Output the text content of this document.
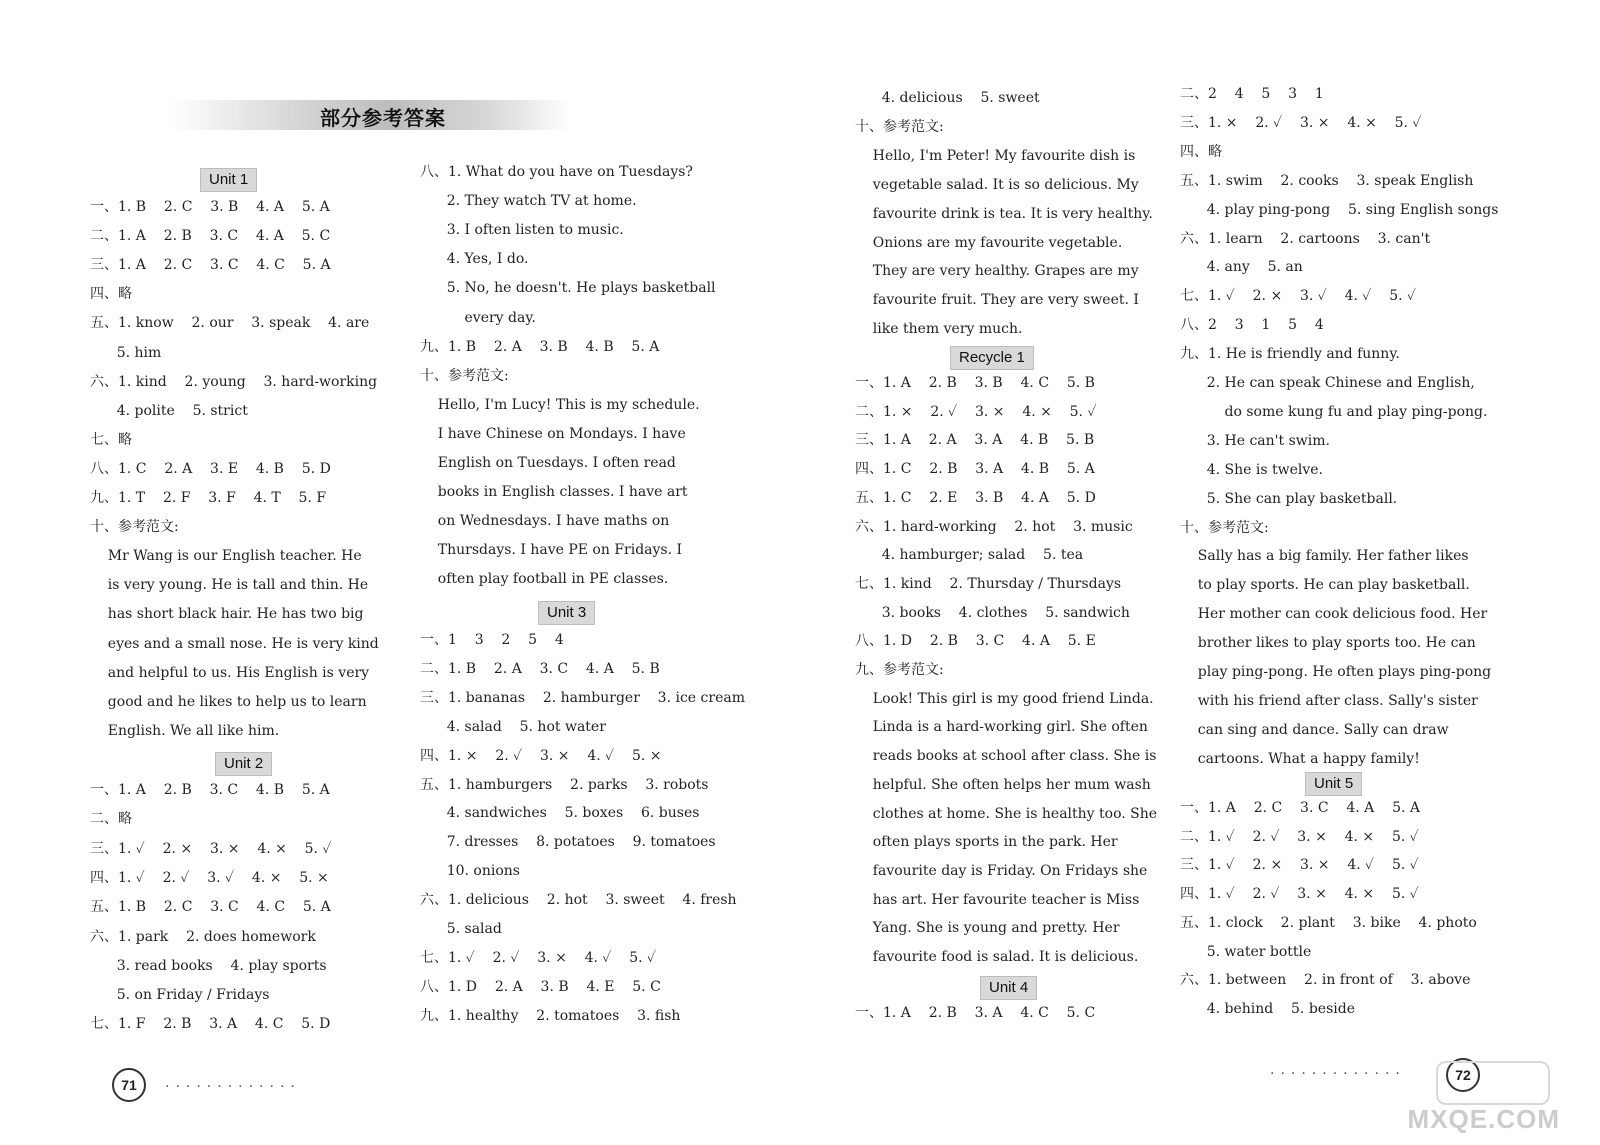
部分参考答案
Unit 1
一、1. B    2. C    3. B    4. A    5. A
二、1. A    2. B    3. C    4. A    5. C
三、1. A    2. C    3. C    4. C    5. A
四、略
五、1. know    2. our    3. speak    4. are
5. him
六、1. kind    2. young    3. hard-working
4. polite    5. strict
七、略
八、1. C    2. A    3. E    4. B    5. D
九、1. T    2. F    3. F    4. T    5. F
十、参考范文:
Mr Wang is our English teacher. He
is very young. He is tall and thin. He
has short black hair. He has two big
eyes and a small nose. He is very kind
and helpful to us. His English is very
good and he likes to help us to learn
English. We all like him.
Unit 2
一、1. A    2. B    3. C    4. B    5. A
二、略
三、1. ✓    2. ×    3. ×    4. ×    5. ✓
四、1. ✓    2. ✓    3. ✓    4. ×    5. ×
五、1. B    2. C    3. C    4. C    5. A
六、1. park    2. does homework
3. read books    4. play sports
5. on Friday / Fridays
七、1. F    2. B    3. A    4. C    5. D
八、1. What do you have on Tuesdays?
2. They watch TV at home.
3. I often listen to music.
4. Yes, I do.
5. No, he doesn't. He plays basketball
every day.
九、1. B    2. A    3. B    4. B    5. A
十、参考范文:
Hello, I'm Lucy! This is my schedule.
I have Chinese on Mondays. I have
English on Tuesdays. I often read
books in English classes. I have art
on Wednesdays. I have maths on
Thursdays. I have PE on Fridays. I
often play football in PE classes.
Unit 3
一、1    3    2    5    4
二、1. B    2. A    3. C    4. A    5. B
三、1. bananas    2. hamburger    3. ice cream
4. salad    5. hot water
四、1. ×    2. ✓    3. ×    4. ✓    5. ×
五、1. hamburgers    2. parks    3. robots
4. sandwiches    5. boxes    6. buses
7. dresses    8. potatoes    9. tomatoes
10. onions
六、1. delicious    2. hot    3. sweet    4. fresh
5. salad
七、1. ✓    2. ✓    3. ×    4. ✓    5. ✓
八、1. D    2. A    3. B    4. E    5. C
九、1. healthy    2. tomatoes    3. fish
4. delicious    5. sweet
十、参考范文:
Hello, I'm Peter! My favourite dish is
vegetable salad. It is so delicious. My
favourite drink is tea. It is very healthy.
Onions are my favourite vegetable.
They are very healthy. Grapes are my
favourite fruit. They are very sweet. I
like them very much.
Recycle 1
一、1. A    2. B    3. B    4. C    5. B
二、1. ×    2. ✓    3. ×    4. ×    5. ✓
三、1. A    2. A    3. A    4. B    5. B
四、1. C    2. B    3. A    4. B    5. A
五、1. C    2. E    3. B    4. A    5. D
六、1. hard-working    2. hot    3. music
4. hamburger; salad    5. tea
七、1. kind    2. Thursday / Thursdays
3. books    4. clothes    5. sandwich
八、1. D    2. B    3. C    4. A    5. E
九、参考范文:
Look! This girl is my good friend Linda.
Linda is a hard-working girl. She often
reads books at school after class. She is
helpful. She often helps her mum wash
clothes at home. She is healthy too. She
often plays sports in the park. Her
favourite day is Friday. On Fridays she
has art. Her favourite teacher is Miss
Yang. She is young and pretty. Her
favourite food is salad. It is delicious.
Unit 4
一、1. A    2. B    3. A    4. C    5. C
二、2    4    5    3    1
三、1. ×    2. ✓    3. ×    4. ×    5. ✓
四、略
五、1. swim    2. cooks    3. speak English
4. play ping-pong    5. sing English songs
六、1. learn    2. cartoons    3. can't
4. any    5. an
七、1. ✓    2. ×    3. ✓    4. ✓    5. ✓
八、2    3    1    5    4
九、1. He is friendly and funny.
2. He can speak Chinese and English,
do some kung fu and play ping-pong.
3. He can't swim.
4. She is twelve.
5. She can play basketball.
十、参考范文:
Sally has a big family. Her father likes
to play sports. He can play basketball.
Her mother can cook delicious food. Her
brother likes to play sports too. He can
play ping-pong. He often plays ping-pong
with his friend after class. Sally's sister
can sing and dance. Sally can draw
cartoons. What a happy family!
Unit 5
一、1. A    2. C    3. C    4. A    5. A
二、1. ✓    2. ✓    3. ×    4. ×    5. ✓
三、1. ✓    2. ×    3. ×    4. ✓    5. ✓
四、1. ✓    2. ✓    3. ×    4. ×    5. ✓
五、1. clock    2. plant    3. bike    4. photo
5. water bottle
六、1. between    2. in front of    3. above
4. behind    5. beside
71	.............
.............	72
MXQE.COM
